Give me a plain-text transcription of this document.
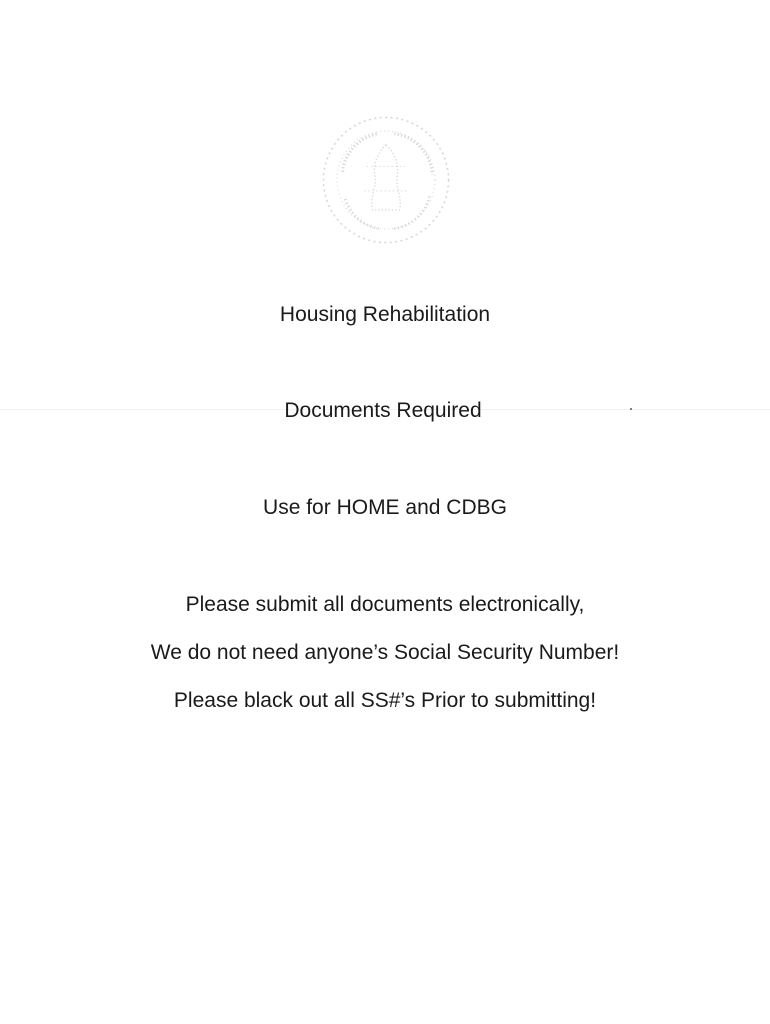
Housing Rehabilitation
Documents Required
Use for HOME and CDBG
Please submit all documents electronically,
We do not need anyone’s Social Security Number!
Please black out all SS#’s Prior to submitting!
